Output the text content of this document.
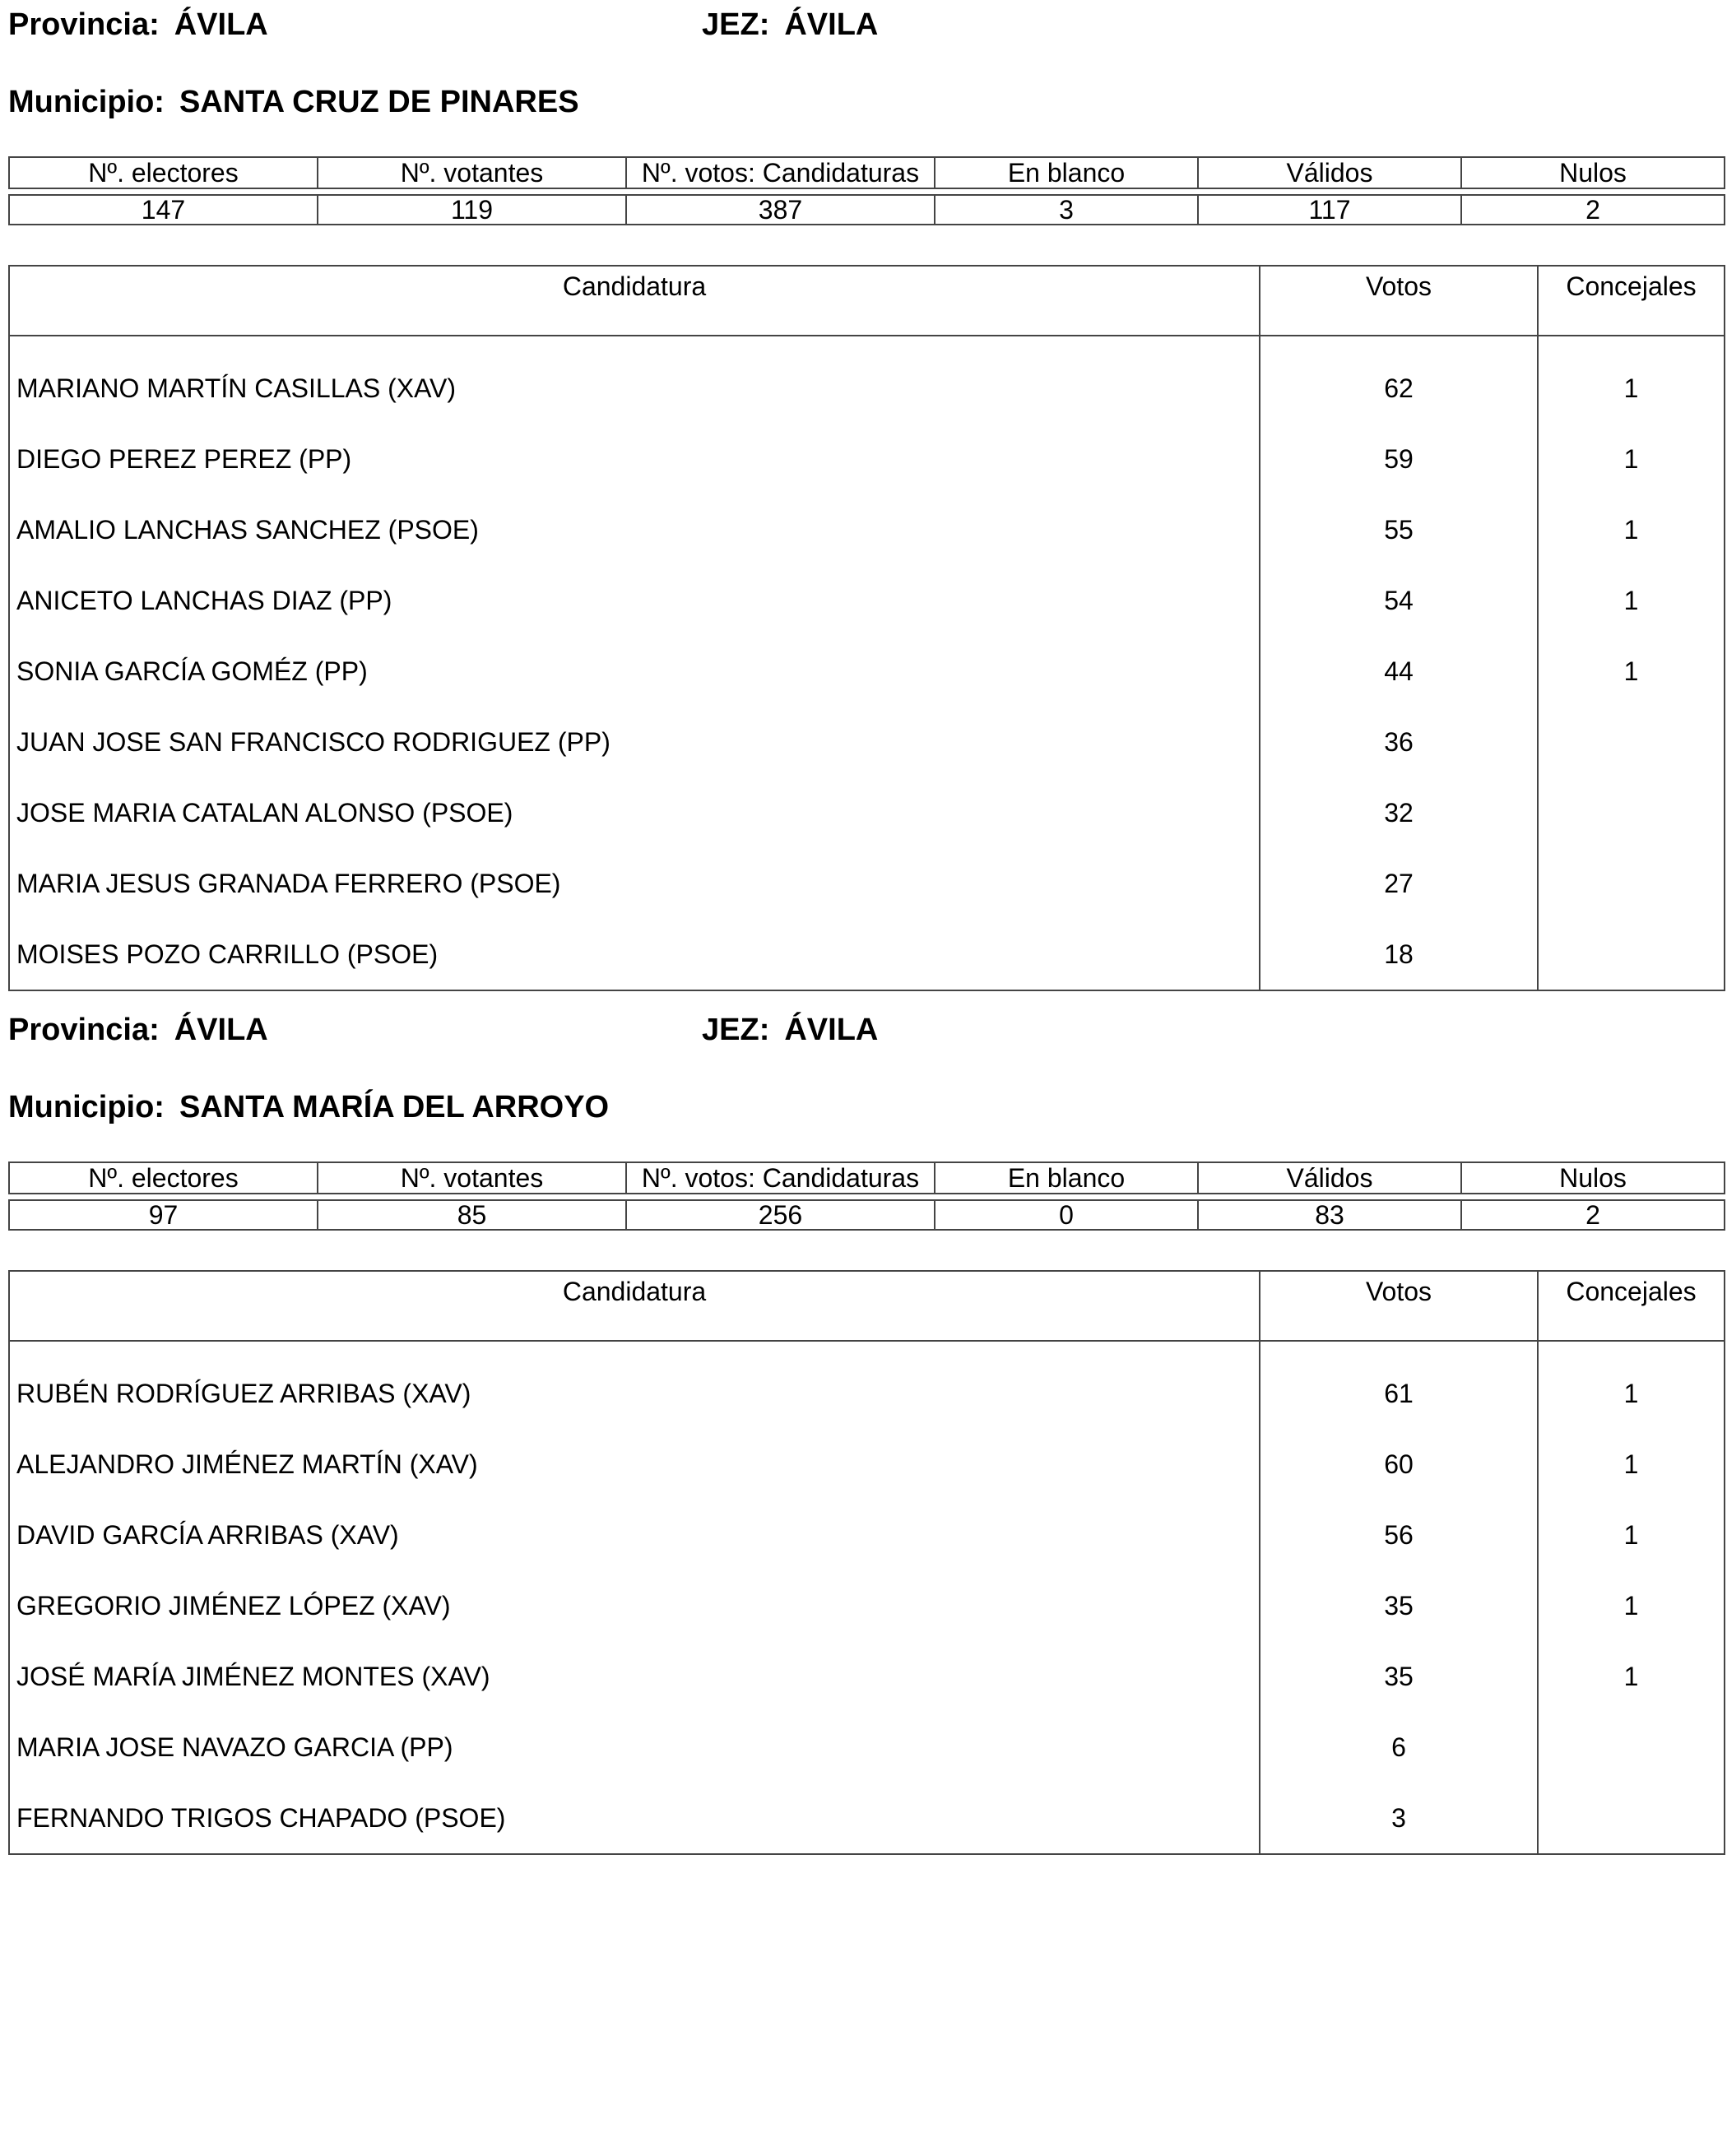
Provincia: ÁVILA	JEZ: ÁVILA
Municipio: SANTA CRUZ DE PINARES
Nº. electores	Nº. votantes	Nº. votos: Candidaturas	En blanco	Válidos	Nulos

147	119	387	3	117	2
Candidatura	Votos	Concejales
MARIANO MARTÍN CASILLAS (XAV)	62	1
DIEGO PEREZ PEREZ (PP)	59	1
AMALIO LANCHAS SANCHEZ (PSOE)	55	1
ANICETO LANCHAS DIAZ (PP)	54	1
SONIA GARCÍA GOMÉZ (PP)	44	1
JUAN JOSE SAN FRANCISCO RODRIGUEZ (PP)	36	
JOSE MARIA CATALAN ALONSO (PSOE)	32	
MARIA JESUS GRANADA FERRERO (PSOE)	27	
MOISES POZO CARRILLO (PSOE)	18	
Provincia: ÁVILA	JEZ: ÁVILA
Municipio: SANTA MARÍA DEL ARROYO
Nº. electores	Nº. votantes	Nº. votos: Candidaturas	En blanco	Válidos	Nulos

97	85	256	0	83	2
Candidatura	Votos	Concejales
RUBÉN RODRÍGUEZ ARRIBAS (XAV)	61	1
ALEJANDRO JIMÉNEZ MARTÍN (XAV)	60	1
DAVID GARCÍA ARRIBAS (XAV)	56	1
GREGORIO JIMÉNEZ LÓPEZ (XAV)	35	1
JOSÉ MARÍA JIMÉNEZ MONTES (XAV)	35	1
MARIA JOSE NAVAZO GARCIA (PP)	6	
FERNANDO TRIGOS CHAPADO (PSOE)	3	
